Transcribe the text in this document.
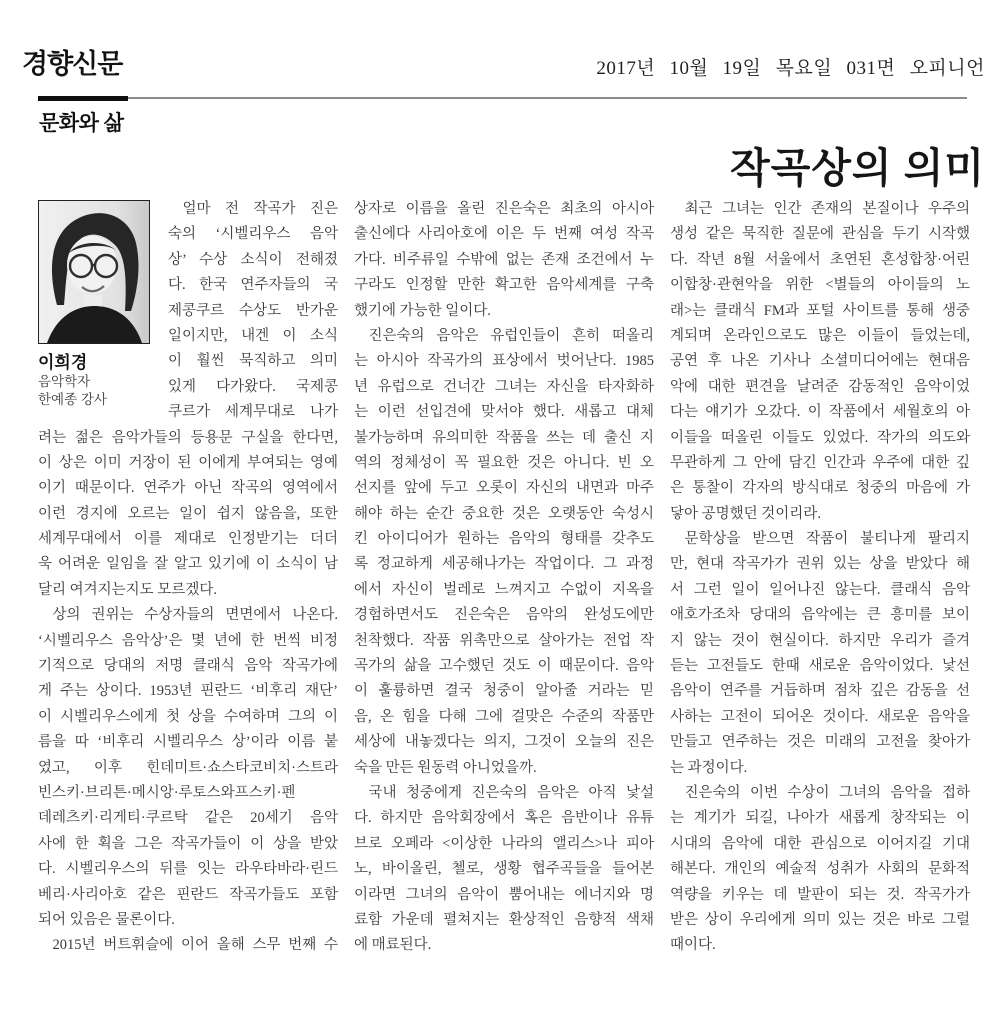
경향신문	2017년 10월 19일 목요일 031면 오피니언
문화와 삶
작곡상의 의미
이희경
음악학자
한예종 강사
얼마 전 작곡가 진은
숙의 ‘시벨리우스 음악
상’ 수상 소식이 전해졌
다. 한국 연주자들의 국
제콩쿠르 수상도 반가운
일이지만, 내겐 이 소식
이 훨씬 묵직하고 의미
있게 다가왔다. 국제콩
쿠르가 세계무대로 나가
려는 젊은 음악가들의 등용문 구실을 한다면,
이 상은 이미 거장이 된 이에게 부여되는 영예
이기 때문이다. 연주가 아닌 작곡의 영역에서
이런 경지에 오르는 일이 쉽지 않음을, 또한
세계무대에서 이를 제대로 인정받기는 더더
욱 어려운 일임을 잘 알고 있기에 이 소식이 남
달리 여겨지는지도 모르겠다.
상의 권위는 수상자들의 면면에서 나온다.
‘시벨리우스 음악상’은 몇 년에 한 번씩 비정
기적으로 당대의 저명 클래식 음악 작곡가에
게 주는 상이다. 1953년 핀란드 ‘비후리 재단’
이 시벨리우스에게 첫 상을 수여하며 그의 이
름을 따 ‘비후리 시벨리우스 상’이라 이름 붙
였고, 이후 힌데미트·쇼스타코비치·스트라
빈스키·브리튼·메시앙·루토스와프스키·펜
데레츠키·리게티·쿠르탁 같은 20세기 음악
사에 한 획을 그은 작곡가들이 이 상을 받았
다. 시벨리우스의 뒤를 잇는 라우타바라·린드
베리·사리아호 같은 핀란드 작곡가들도 포함
되어 있음은 물론이다.
2015년 버트휘슬에 이어 올해 스무 번째 수
상자로 이름을 올린 진은숙은 최초의 아시아
출신에다 사리아호에 이은 두 번째 여성 작곡
가다. 비주류일 수밖에 없는 존재 조건에서 누
구라도 인정할 만한 확고한 음악세계를 구축
했기에 가능한 일이다.
진은숙의 음악은 유럽인들이 흔히 떠올리
는 아시아 작곡가의 표상에서 벗어난다. 1985
년 유럽으로 건너간 그녀는 자신을 타자화하
는 이런 선입견에 맞서야 했다. 새롭고 대체
불가능하며 유의미한 작품을 쓰는 데 출신 지
역의 정체성이 꼭 필요한 것은 아니다. 빈 오
선지를 앞에 두고 오롯이 자신의 내면과 마주
해야 하는 순간 중요한 것은 오랫동안 숙성시
킨 아이디어가 원하는 음악의 형태를 갖추도
록 정교하게 세공해나가는 작업이다. 그 과정
에서 자신이 벌레로 느껴지고 수없이 지옥을
경험하면서도 진은숙은 음악의 완성도에만
천착했다. 작품 위촉만으로 살아가는 전업 작
곡가의 삶을 고수했던 것도 이 때문이다. 음악
이 훌륭하면 결국 청중이 알아줄 거라는 믿
음, 온 힘을 다해 그에 걸맞은 수준의 작품만
세상에 내놓겠다는 의지, 그것이 오늘의 진은
숙을 만든 원동력 아니었을까.
국내 청중에게 진은숙의 음악은 아직 낯설
다. 하지만 음악회장에서 혹은 음반이나 유튜
브로 오페라 <이상한 나라의 앨리스>나 피아
노, 바이올린, 첼로, 생황 협주곡들을 들어본
이라면 그녀의 음악이 뿜어내는 에너지와 명
료함 가운데 펼쳐지는 환상적인 음향적 색채
에 매료된다.
최근 그녀는 인간 존재의 본질이나 우주의
생성 같은 묵직한 질문에 관심을 두기 시작했
다. 작년 8월 서울에서 초연된 혼성합창·어린
이합창·관현악을 위한 <별들의 아이들의 노
래>는 클래식 FM과 포털 사이트를 통해 생중
계되며 온라인으로도 많은 이들이 들었는데,
공연 후 나온 기사나 소셜미디어에는 현대음
악에 대한 편견을 날려준 감동적인 음악이었
다는 얘기가 오갔다. 이 작품에서 세월호의 아
이들을 떠올린 이들도 있었다. 작가의 의도와
무관하게 그 안에 담긴 인간과 우주에 대한 깊
은 통찰이 각자의 방식대로 청중의 마음에 가
닿아 공명했던 것이리라.
문학상을 받으면 작품이 불티나게 팔리지
만, 현대 작곡가가 권위 있는 상을 받았다 해
서 그런 일이 일어나진 않는다. 클래식 음악
애호가조차 당대의 음악에는 큰 흥미를 보이
지 않는 것이 현실이다. 하지만 우리가 즐겨
듣는 고전들도 한때 새로운 음악이었다. 낯선
음악이 연주를 거듭하며 점차 깊은 감동을 선
사하는 고전이 되어온 것이다. 새로운 음악을
만들고 연주하는 것은 미래의 고전을 찾아가
는 과정이다.
진은숙의 이번 수상이 그녀의 음악을 접하
는 계기가 되길, 나아가 새롭게 창작되는 이
시대의 음악에 대한 관심으로 이어지길 기대
해본다. 개인의 예술적 성취가 사회의 문화적
역량을 키우는 데 발판이 되는 것. 작곡가가
받은 상이 우리에게 의미 있는 것은 바로 그럴
때이다.
